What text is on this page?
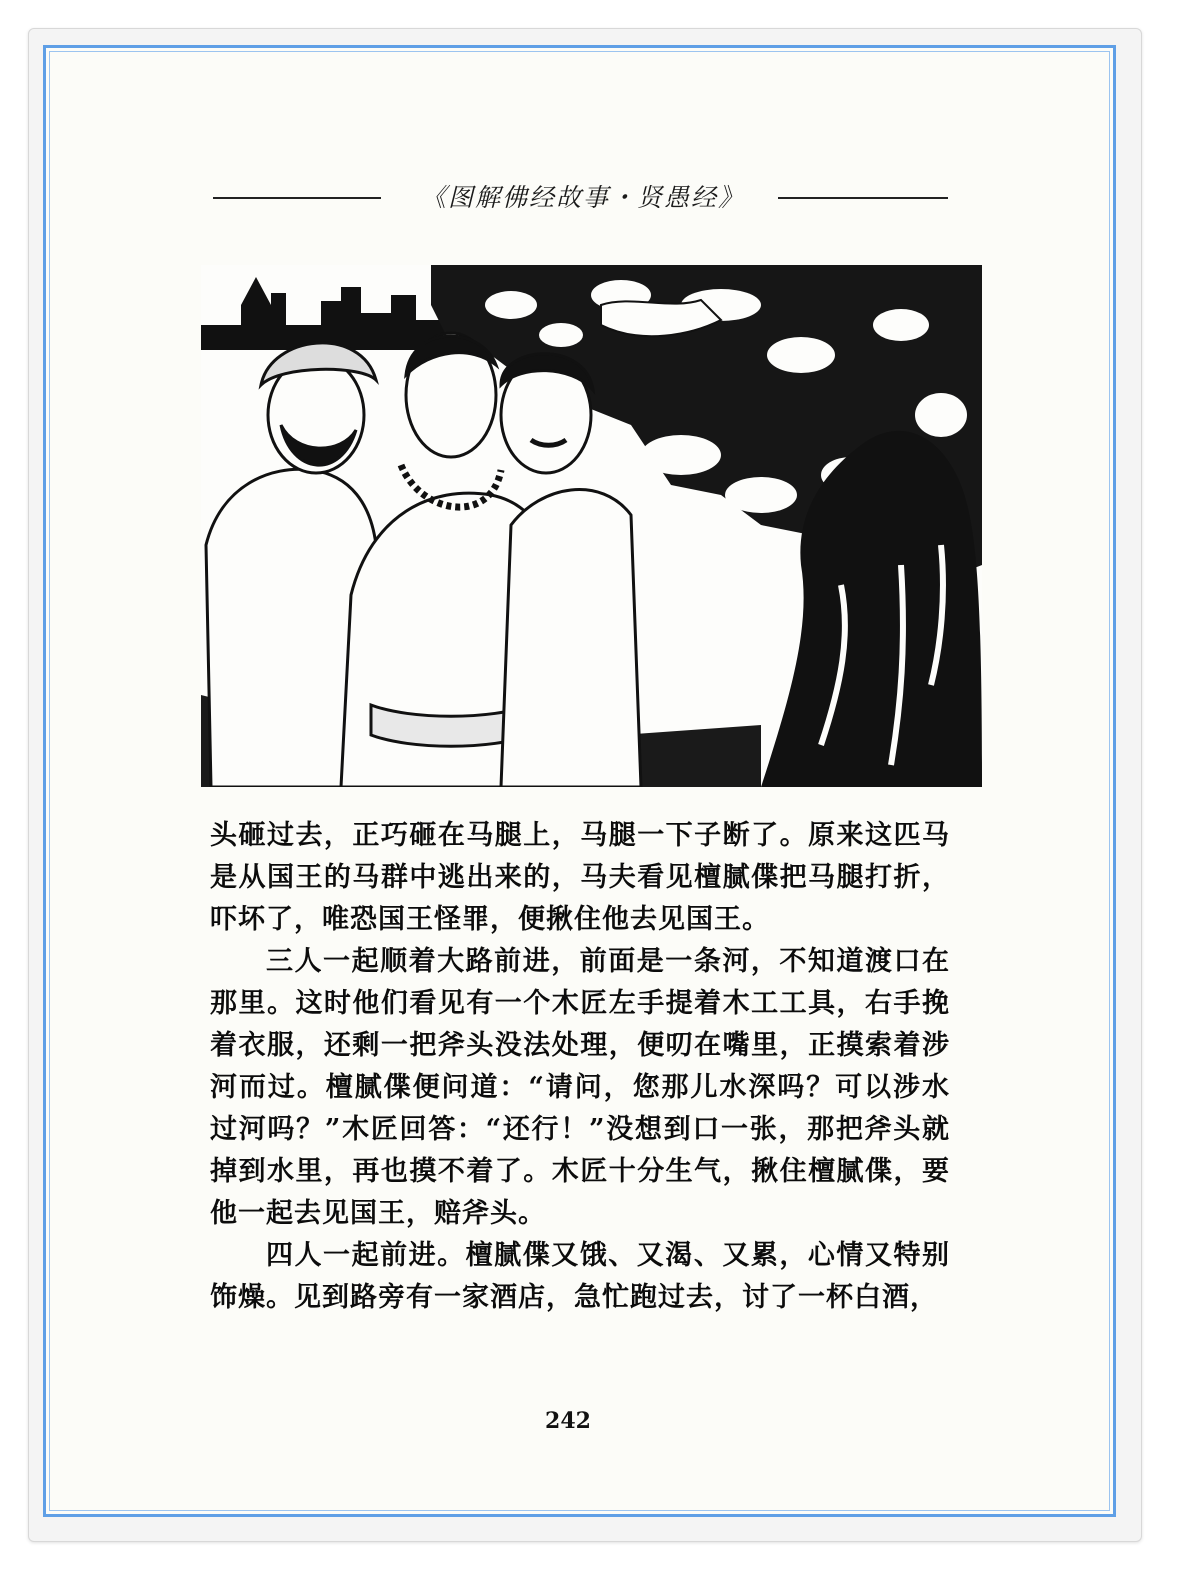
《图解佛经故事・贤愚经》

头砸过去，正巧砸在马腿上，马腿一下子断了。原来这匹马是从国王的马群中逃出来的，马夫看见檀腻偞把马腿打折，吓坏了，唯恐国王怪罪，便揪住他去见国王。

三人一起顺着大路前进，前面是一条河，不知道渡口在那里。这时他们看见有一个木匠左手提着木工工具，右手挽着衣服，还剩一把斧头没法处理，便叨在嘴里，正摸索着涉河而过。檀腻偞便问道：“请问，您那儿水深吗？可以涉水过河吗？”木匠回答：“还行！”没想到口一张，那把斧头就掉到水里，再也摸不着了。木匠十分生气，揪住檀腻偞，要他一起去见国王，赔斧头。

四人一起前进。檀腻偞又饿、又渴、又累，心情又特别饰燥。见到路旁有一家酒店，急忙跑过去，讨了一杯白酒，

242
